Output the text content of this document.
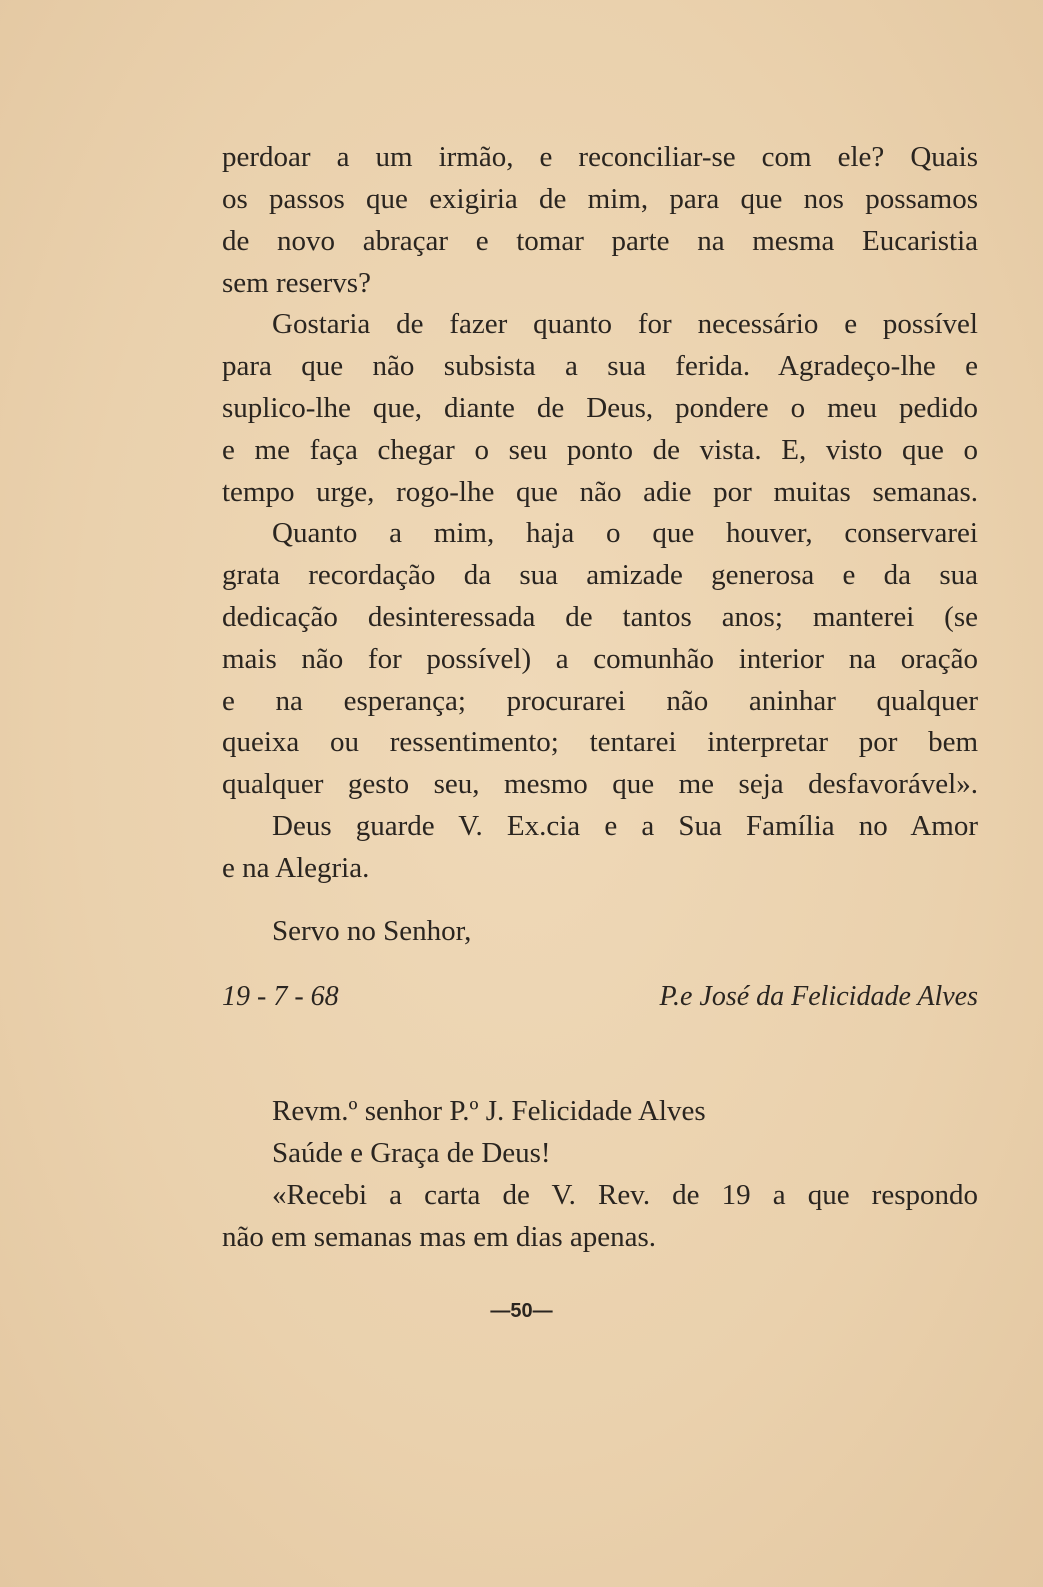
perdoar a um irmão, e reconciliar-se com ele? Quais
os passos que exigiria de mim, para que nos possamos
de novo abraçar e tomar parte na mesma Eucaristia
sem reservs?
Gostaria de fazer quanto for necessário e possível
para que não subsista a sua ferida. Agradeço-lhe e
suplico-lhe que, diante de Deus, pondere o meu pedido
e me faça chegar o seu ponto de vista. E, visto que o
tempo urge, rogo-lhe que não adie por muitas semanas.
Quanto a mim, haja o que houver, conservarei
grata recordação da sua amizade generosa e da sua
dedicação desinteressada de tantos anos; manterei (se
mais não for possível) a comunhão interior na oração
e na esperança; procurarei não aninhar qualquer
queixa ou ressentimento; tentarei interpretar por bem
qualquer gesto seu, mesmo que me seja desfavorável».
Deus guarde V. Ex.cia e a Sua Família no Amor
e na Alegria.
Servo no Senhor,
19 - 7 - 68	P.e José da Felicidade Alves
Revm.º senhor P.º J. Felicidade Alves
Saúde e Graça de Deus!
«Recebi a carta de V. Rev. de 19 a que respondo
não em semanas mas em dias apenas.
—50—
